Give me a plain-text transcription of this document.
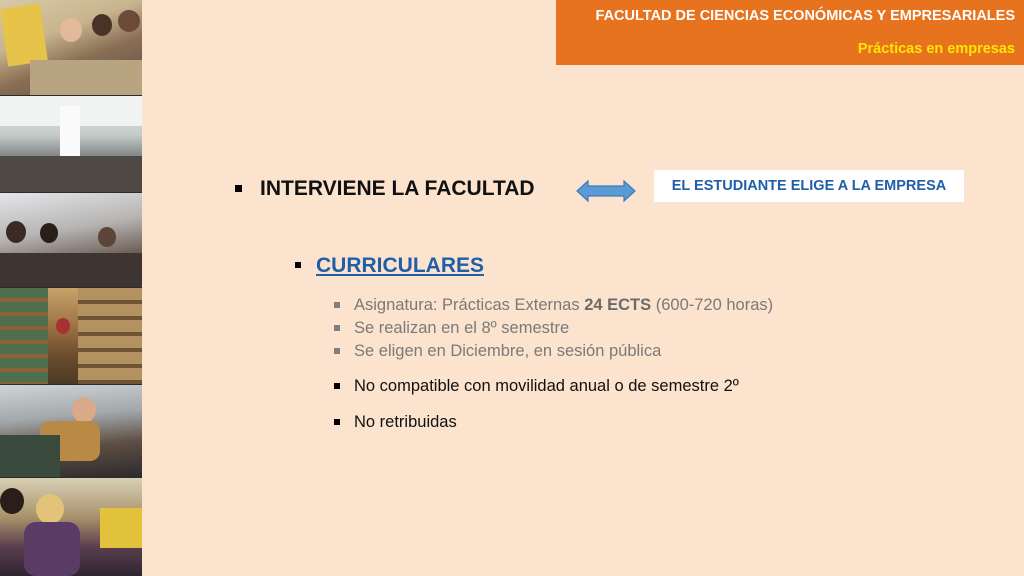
FACULTAD DE CIENCIAS ECONÓMICAS Y EMPRESARIALES
Prácticas en empresas
INTERVIENE LA FACULTAD	EL ESTUDIANTE ELIGE A LA EMPRESA
CURRICULARES
Asignatura: Prácticas Externas 24 ECTS (600-720 horas)
Se realizan en el 8º semestre
Se eligen en Diciembre, en sesión pública
No compatible con movilidad anual o de semestre 2º
No retribuidas
